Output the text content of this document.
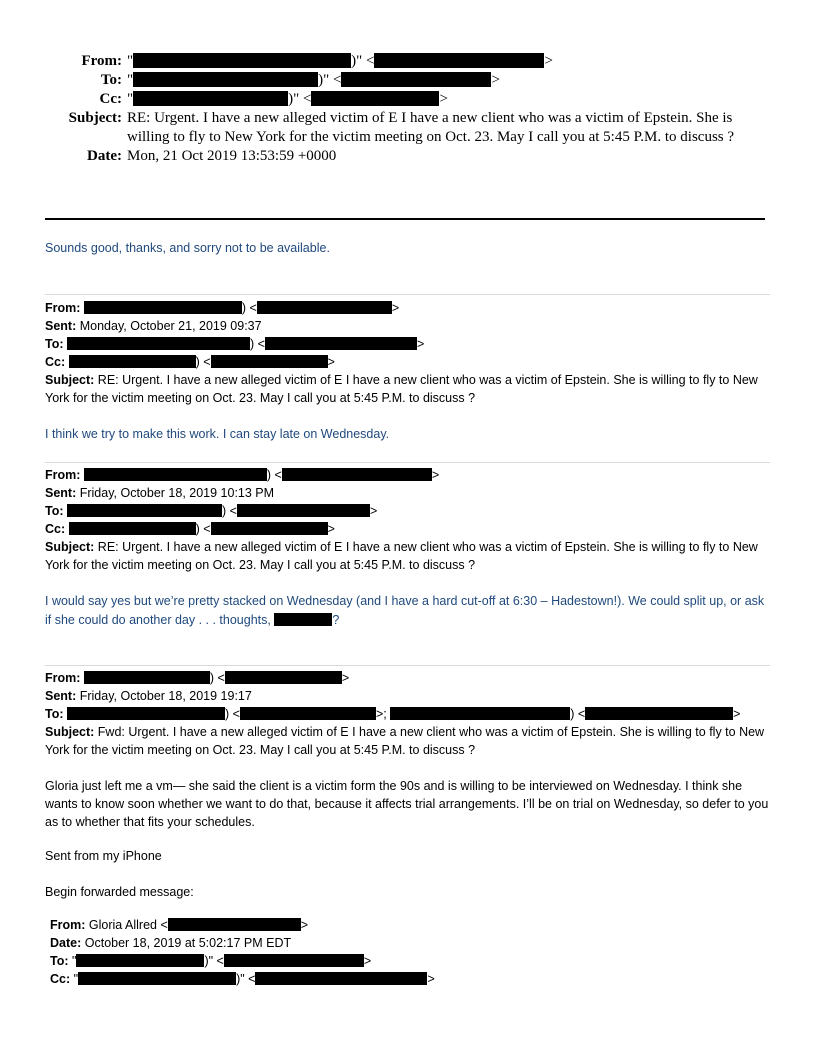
From: "	)" <	>
To: "	)" <	>
Cc: "	)" <	>
Subject: RE: Urgent. I have a new alleged victim of E I have a new client who was a victim of Epstein. She is willing to fly to New York for the victim meeting on Oct. 23. May I call you at 5:45 P.M. to discuss ?
Date: Mon, 21 Oct 2019 13:53:59 +0000
Sounds good, thanks, and sorry not to be available.
From:	) <	>
Sent: Monday, October 21, 2019 09:37
To:	) <	>
Cc:	) <	>
Subject: RE: Urgent. I have a new alleged victim of E I have a new client who was a victim of Epstein. She is willing to fly to New York for the victim meeting on Oct. 23. May I call you at 5:45 P.M. to discuss ?
I think we try to make this work. I can stay late on Wednesday.
From:	) <	>
Sent: Friday, October 18, 2019 10:13 PM
To:	) <	>
Cc:	) <	>
Subject: RE: Urgent. I have a new alleged victim of E I have a new client who was a victim of Epstein. She is willing to fly to New York for the victim meeting on Oct. 23. May I call you at 5:45 P.M. to discuss ?
I would say yes but we’re pretty stacked on Wednesday (and I have a hard cut-off at 6:30 – Hadestown!). We could split up, or ask if she could do another day . . . thoughts,	?
From:	) <	>
Sent: Friday, October 18, 2019 19:17
To:	) <	>;	) <	>
Subject: Fwd: Urgent. I have a new alleged victim of E I have a new client who was a victim of Epstein. She is willing to fly to New York for the victim meeting on Oct. 23. May I call you at 5:45 P.M. to discuss ?
Gloria just left me a vm— she said the client is a victim form the 90s and is willing to be interviewed on Wednesday. I think she wants to know soon whether we want to do that, because it affects trial arrangements. I’ll be on trial on Wednesday, so defer to you as to whether that fits your schedules.
Sent from my iPhone
Begin forwarded message:
From: Gloria Allred <	>
Date: October 18, 2019 at 5:02:17 PM EDT
To: "	)" <	>
Cc: "	)" <	>
